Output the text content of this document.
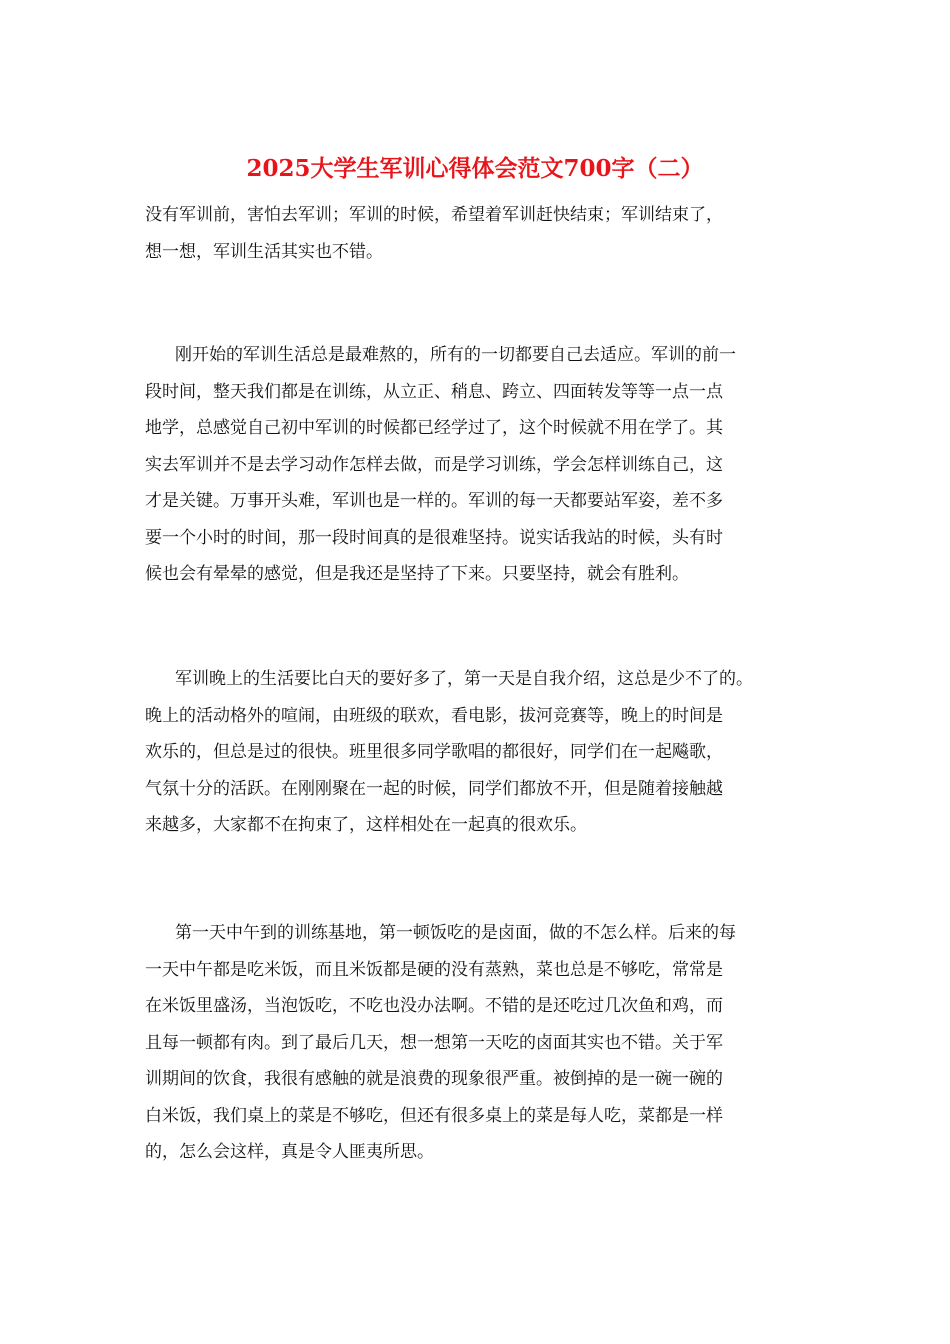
2025大学生军训心得体会范文700字（二）
没有军训前，害怕去军训；军训的时候，希望着军训赶快结束；军训结束了，
想一想，军训生活其实也不错。
刚开始的军训生活总是最难熬的，所有的一切都要自己去适应。军训的前一
段时间，整天我们都是在训练，从立正、稍息、跨立、四面转发等等一点一点
地学，总感觉自己初中军训的时候都已经学过了，这个时候就不用在学了。其
实去军训并不是去学习动作怎样去做，而是学习训练，学会怎样训练自己，这
才是关键。万事开头难，军训也是一样的。军训的每一天都要站军姿，差不多
要一个小时的时间，那一段时间真的是很难坚持。说实话我站的时候，头有时
候也会有晕晕的感觉，但是我还是坚持了下来。只要坚持，就会有胜利。
军训晚上的生活要比白天的要好多了，第一天是自我介绍，这总是少不了的。
晚上的活动格外的喧闹，由班级的联欢，看电影，拔河竞赛等，晚上的时间是
欢乐的，但总是过的很快。班里很多同学歌唱的都很好，同学们在一起飚歌，
气氛十分的活跃。在刚刚聚在一起的时候，同学们都放不开，但是随着接触越
来越多，大家都不在拘束了，这样相处在一起真的很欢乐。
第一天中午到的训练基地，第一顿饭吃的是卤面，做的不怎么样。后来的每
一天中午都是吃米饭，而且米饭都是硬的没有蒸熟，菜也总是不够吃，常常是
在米饭里盛汤，当泡饭吃，不吃也没办法啊。不错的是还吃过几次鱼和鸡，而
且每一顿都有肉。到了最后几天，想一想第一天吃的卤面其实也不错。关于军
训期间的饮食，我很有感触的就是浪费的现象很严重。被倒掉的是一碗一碗的
白米饭，我们桌上的菜是不够吃，但还有很多桌上的菜是每人吃，菜都是一样
的，怎么会这样，真是令人匪夷所思。
